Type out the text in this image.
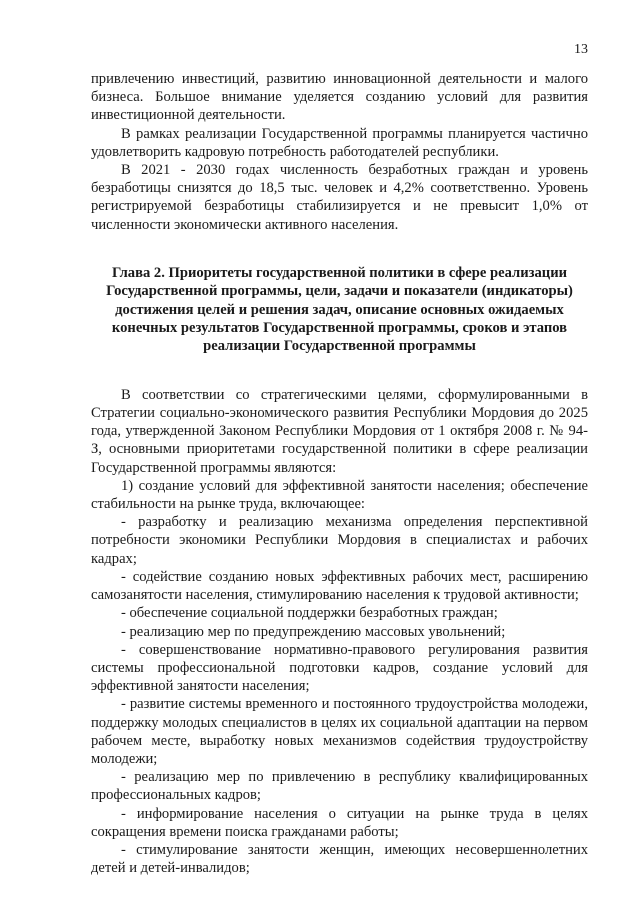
13

привлечению инвестиций, развитию инновационной деятельности и малого бизнеса. Большое внимание уделяется созданию условий для развития инвестиционной деятельности.

В рамках реализации Государственной программы планируется частично удовлетворить кадровую потребность работодателей республики.

В 2021 - 2030 годах численность безработных граждан и уровень безработицы снизятся до 18,5 тыс. человек и 4,2% соответственно. Уровень регистрируемой безработицы стабилизируется и не превысит 1,0% от численности экономически активного населения.

Глава 2. Приоритеты государственной политики в сфере реализации Государственной программы, цели, задачи и показатели (индикаторы) достижения целей и решения задач, описание основных ожидаемых конечных результатов Государственной программы, сроков и этапов реализации Государственной программы

В соответствии со стратегическими целями, сформулированными в Стратегии социально-экономического развития Республики Мордовия до 2025 года, утвержденной Законом Республики Мордовия от 1 октября 2008 г. № 94-З, основными приоритетами государственной политики в сфере реализации Государственной программы являются:

1) создание условий для эффективной занятости населения; обеспечение стабильности на рынке труда, включающее:

- разработку и реализацию механизма определения перспективной потребности экономики Республики Мордовия в специалистах и рабочих кадрах;

- содействие созданию новых эффективных рабочих мест, расширению самозанятости населения, стимулированию населения к трудовой активности;

- обеспечение социальной поддержки безработных граждан;

- реализацию мер по предупреждению массовых увольнений;

- совершенствование нормативно-правового регулирования развития системы профессиональной подготовки кадров, создание условий для эффективной занятости населения;

- развитие системы временного и постоянного трудоустройства молодежи, поддержку молодых специалистов в целях их социальной адаптации на первом рабочем месте, выработку новых механизмов содействия трудоустройству молодежи;

- реализацию мер по привлечению в республику квалифицированных профессиональных кадров;

- информирование населения о ситуации на рынке труда в целях сокращения времени поиска гражданами работы;

- стимулирование занятости женщин, имеющих несовершеннолетних детей и детей-инвалидов;
